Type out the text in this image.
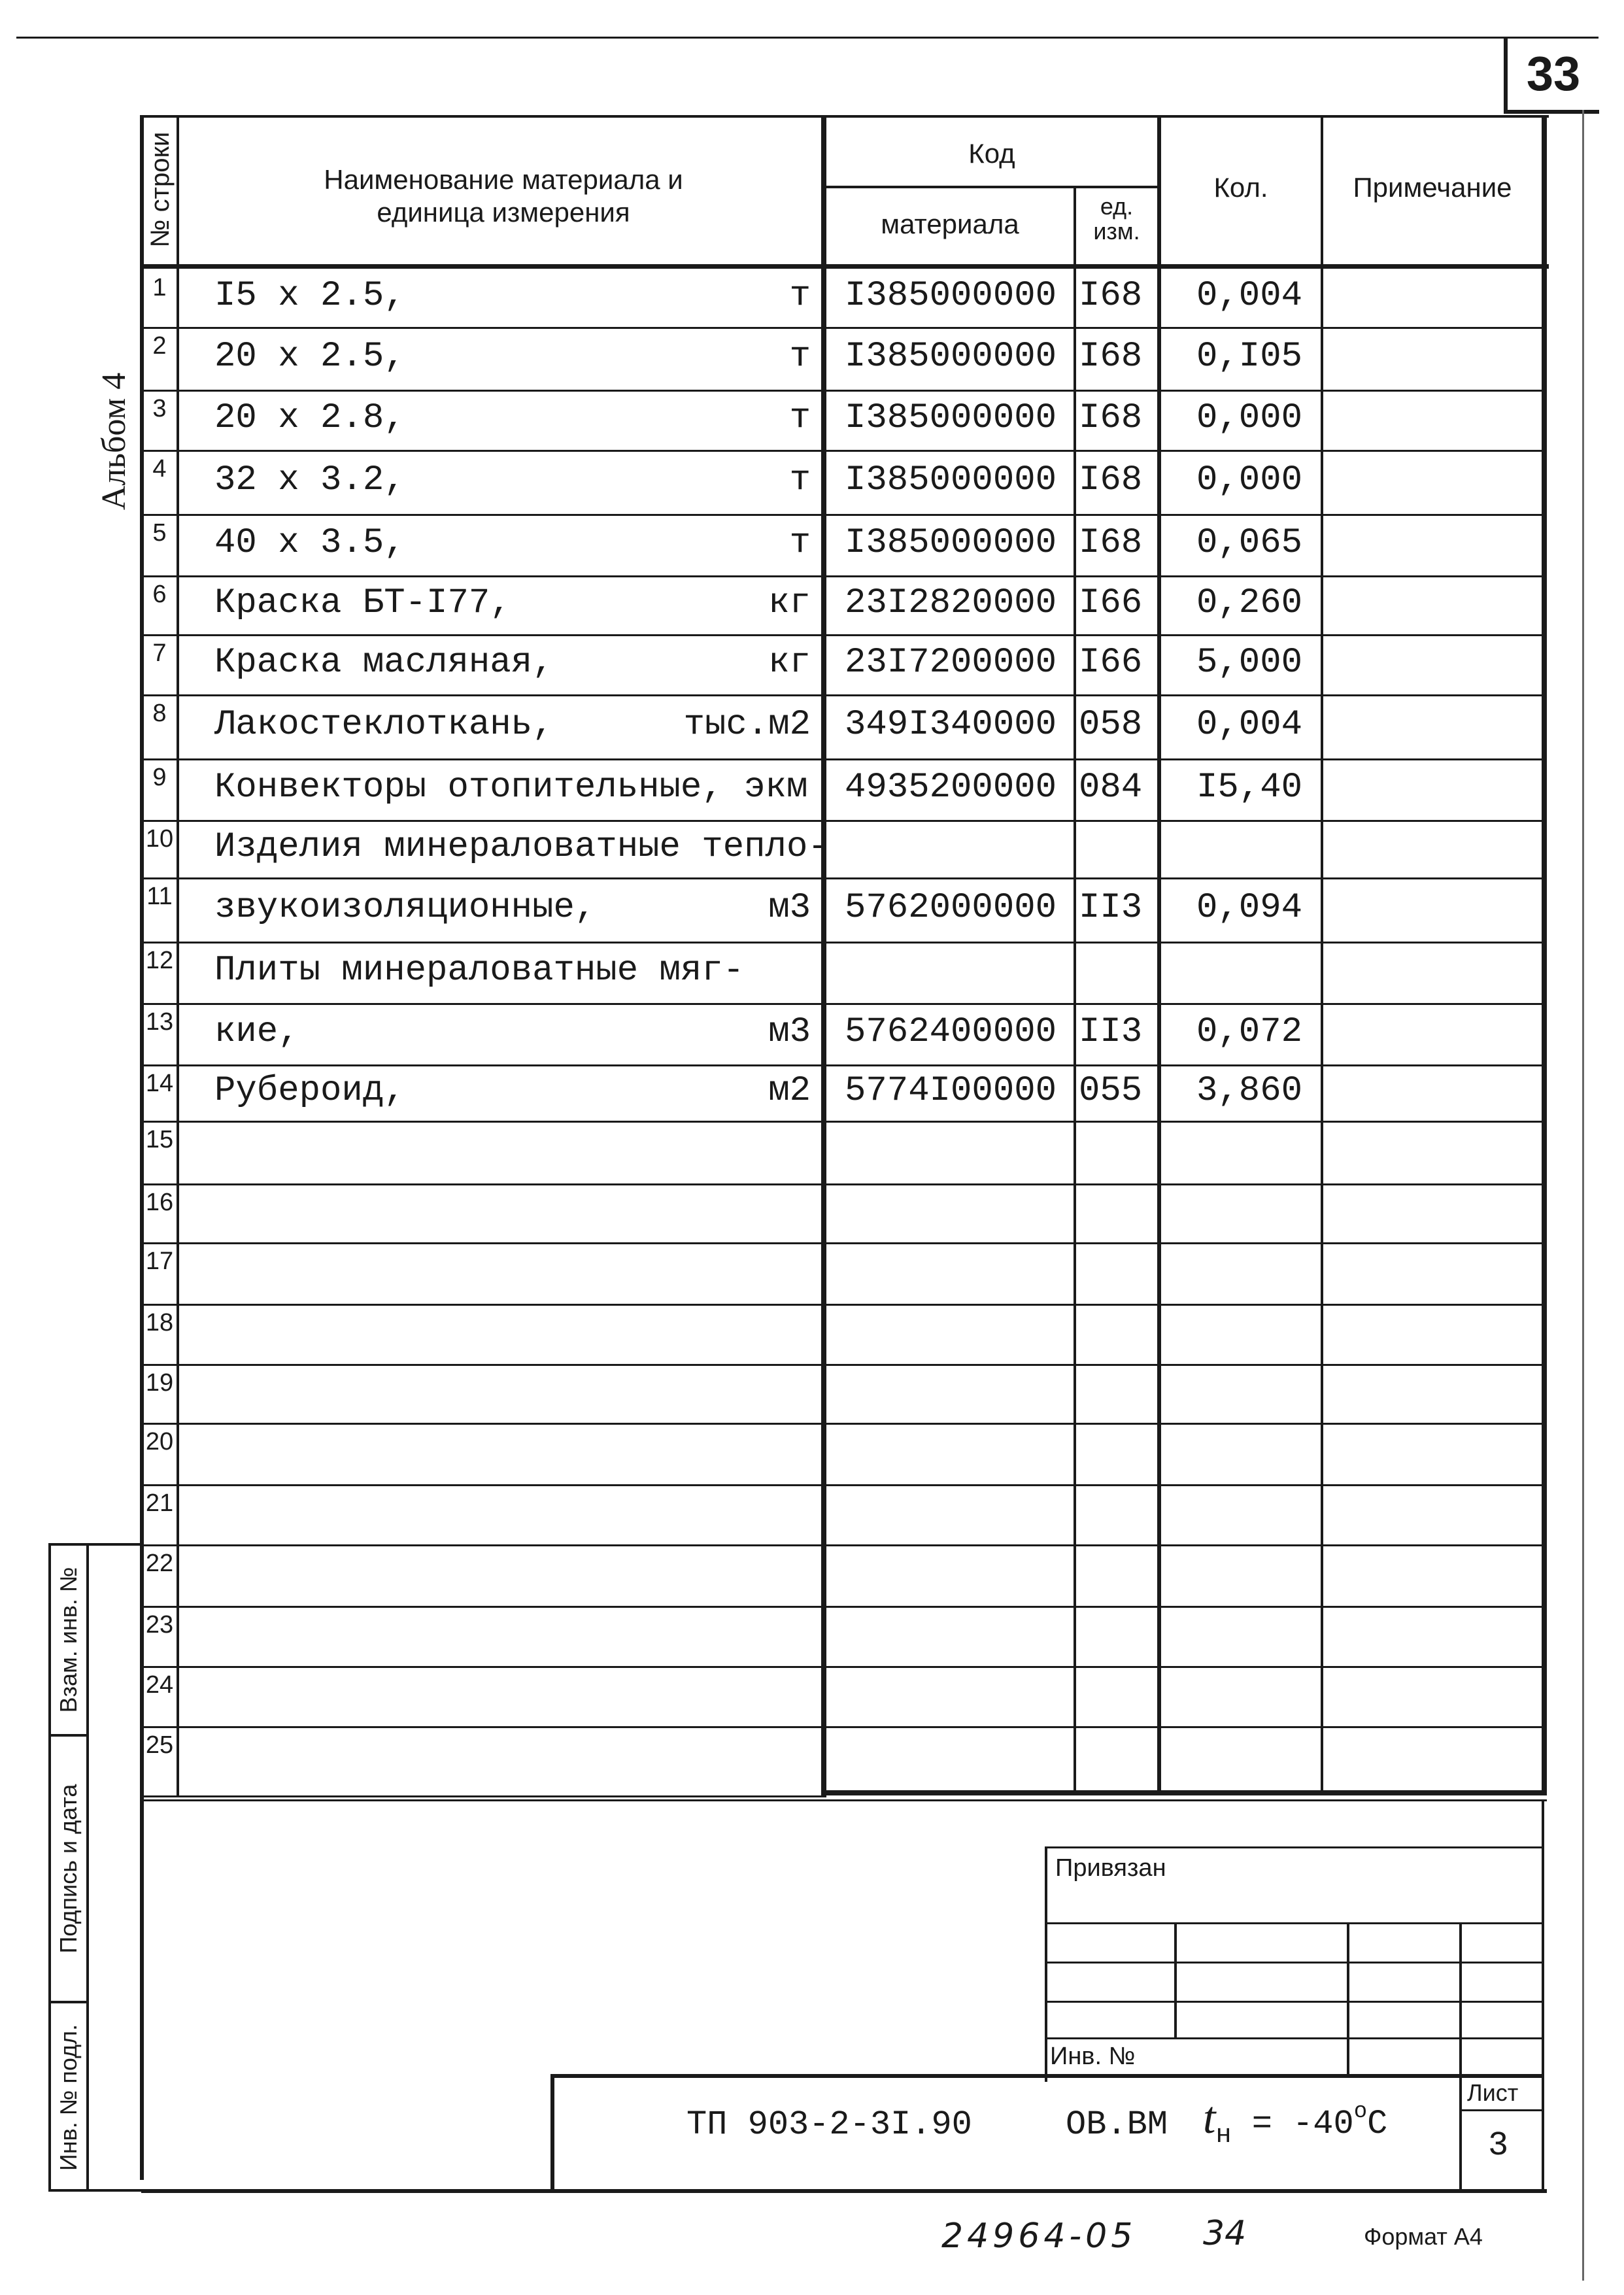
33
Альбом 4
№ строки	Наименование материала и
единица измерения
Код
материала
ед.
изм.
Кол.	Примечание
1 I5 x 2.5,	т I385000000 I68 0,004
2 20 x 2.5,	т I385000000 I68 0,I05
3 20 x 2.8,	т I385000000 I68 0,000
4 32 x 3.2,	т I385000000 I68 0,000
5 40 x 3.5,	т I385000000 I68 0,065
6 Краска БТ-I77,	кг 23I2820000 I66 0,260
7 Краска масляная,	кг 23I7200000 I66 5,000
8 Лакостеклоткань,	тыс.м2 349I340000 058 0,004
9 Конвекторы отопительные, экм 4935200000 084 I5,40
10 Изделия минераловатные тепло-
11 звукоизоляционные,	м3 5762000000 II3 0,094
12 Плиты минераловатные мяг-
13 кие,	м3 5762400000 II3 0,072
14 Рубероид,	м2 5774I00000 055 3,860
15
16
17
18
19
20
21
22
23
24
25
Взам. инв. №
Подпись и дата
Инв. № подл.
Привязан
Инв. №
ТП 903-2-3I.90	ОВ.ВМ $t_н = -40^оС$
Лист
3
24964-05 34	Формат А4
